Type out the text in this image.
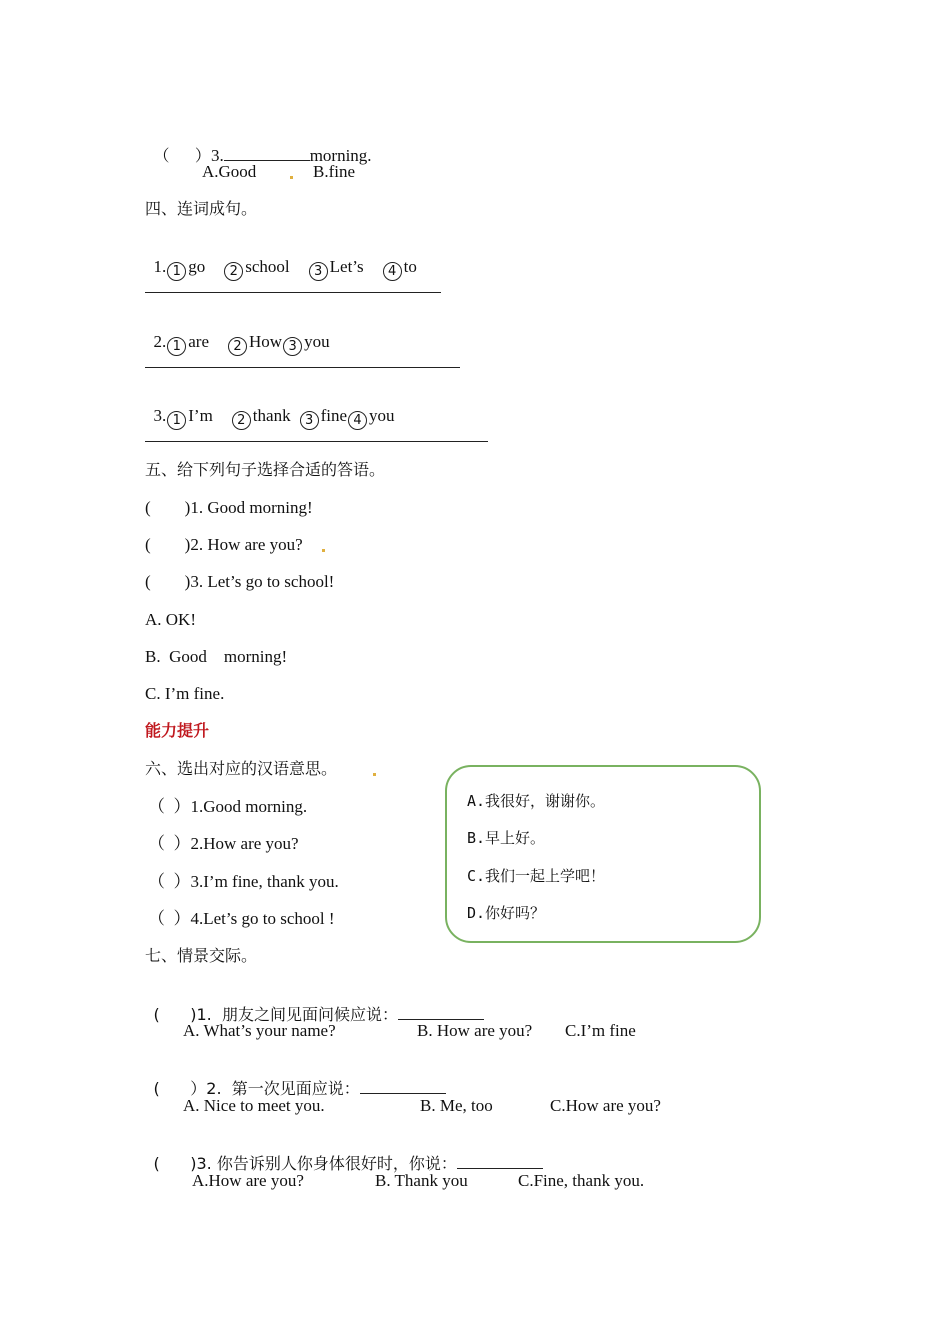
（     ）3.	morning.

A.Good	B.fine
四、连词成句。

1. 1 go 2 school 3 Let’s 4 to

2. 1 are 2 How 3 you

3. 1 I’m 2 thank 3 fine 4 you

五、给下列句子选择合适的答语。
(        )1. Good morning!
(        )2. How are you?
(        )3. Let’s go to school!
A. OK!
B.  Good    morning!
C. I’m fine.
能力提升
六、选出对应的汉语意思。
（  ）1.Good morning.
（  ）2.How are you?
（  ）3.I’m fine, thank you.
（  ）4.Let’s go to school !
A.我很好，谢谢你。
B.早上好。
C.我们一起上学吧！
D.你好吗？
七、情景交际。

(      )1.  朋友之间见面问候应说：

A. What’s your name?	B. How are you? C.I’m fine

(      ）2.  第一次见面应说：

A. Nice to meet you.	B. Me, too	C.How are you?

(      )3. 你告诉别人你身体很好时，你说：

A.How are you?	B. Thank you	C.Fine, thank you.
